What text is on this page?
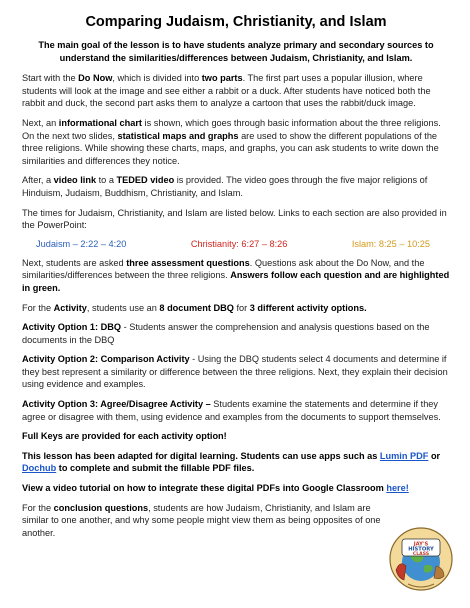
Comparing Judaism, Christianity, and Islam

The main goal of the lesson is to have students analyze primary and secondary sources to understand the similarities/differences between Judaism, Christianity, and Islam.

Start with the Do Now, which is divided into two parts. The first part uses a popular illusion, where students will look at the image and see either a rabbit or a duck. After students have noticed both the rabbit and duck, the second part asks them to analyze a cartoon that uses the rabbit/duck image.

Next, an informational chart is shown, which goes through basic information about the three religions. On the next two slides, statistical maps and graphs are used to show the different populations of the three religions. While showing these charts, maps, and graphs, you can ask students to write down the similarities and differences they notice.

After, a video link to a TEDED video is provided. The video goes through the five major religions of Hinduism, Judaism, Buddhism, Christianity, and Islam.

The times for Judaism, Christianity, and Islam are listed below. Links to each section are also provided in the PowerPoint:

Judaism – 2:22 – 4:20	Christianity: 6:27 – 8:26	Islam: 8:25 – 10:25

Next, students are asked three assessment questions. Questions ask about the Do Now, and the similarities/differences between the three religions. Answers follow each question and are highlighted in green.

For the Activity, students use an 8 document DBQ for 3 different activity options.

Activity Option 1: DBQ - Students answer the comprehension and analysis questions based on the documents in the DBQ

Activity Option 2: Comparison Activity - Using the DBQ students select 4 documents and determine if they best represent a similarity or difference between the three religions. Next, they explain their decision using evidence and examples.

Activity Option 3: Agree/Disagree Activity – Students examine the statements and determine if they agree or disagree with them, using evidence and examples from the documents to support themselves.

Full Keys are provided for each activity option!

This lesson has been adapted for digital learning. Students can use apps such as Lumin PDF or Dochub to complete and submit the fillable PDF files.

View a video tutorial on how to integrate these digital PDFs into Google Classroom here!

For the conclusion questions, students are how Judaism, Christianity, and Islam are similar to one another, and why some people might view them as being opposites of one another.

JAY'S
HISTORY
CLASS
